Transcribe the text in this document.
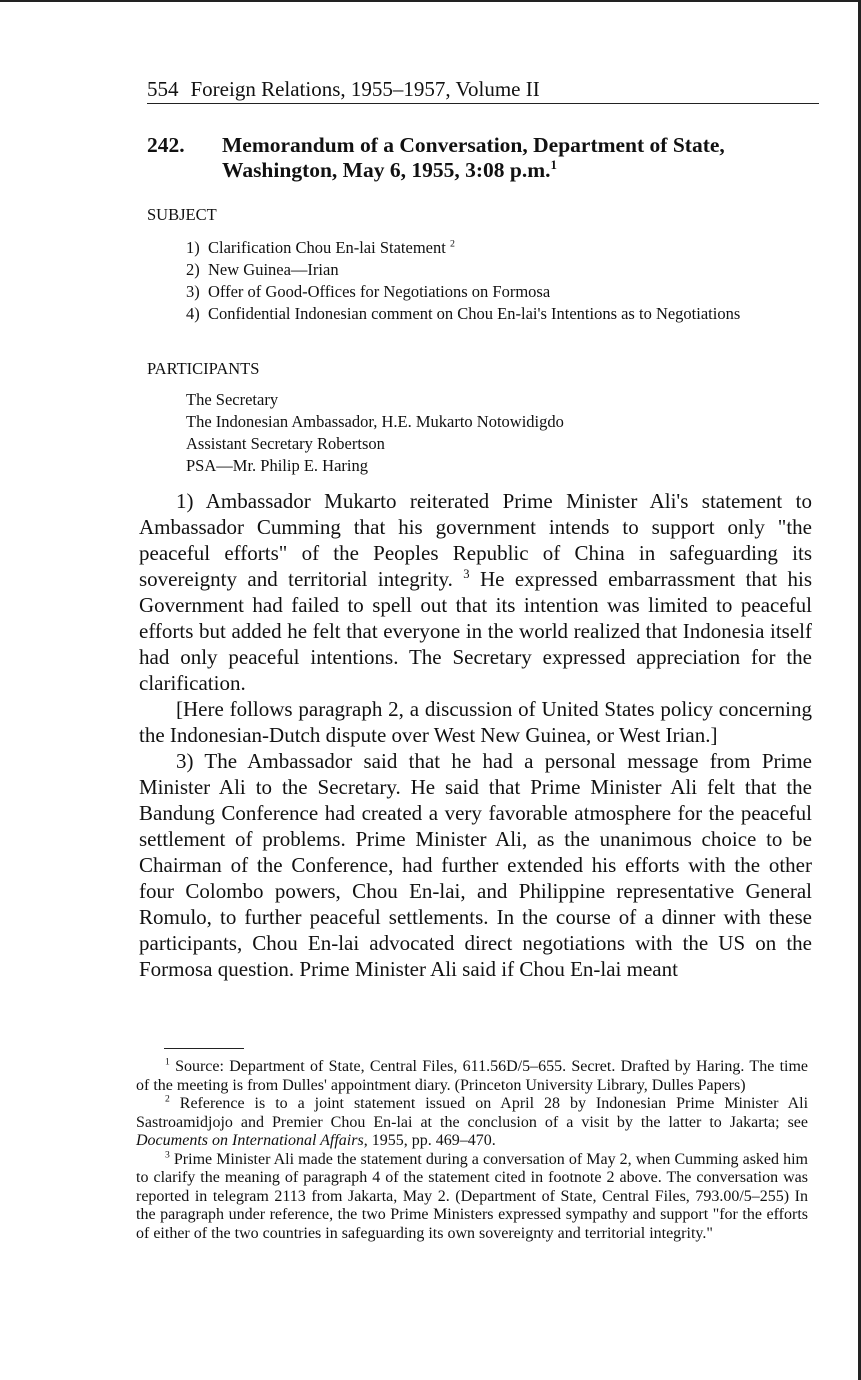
554 Foreign Relations, 1955–1957, Volume II
242. Memorandum of a Conversation, Department of State,
Washington, May 6, 1955, 3:08 p.m.$^1$
SUBJECT
1) Clarification Chou En-lai Statement $^2$
2) New Guinea—Irian
3) Offer of Good-Offices for Negotiations on Formosa
4) Confidential Indonesian comment on Chou En-lai's Intentions as to Negotiations
PARTICIPANTS
The Secretary
The Indonesian Ambassador, H.E. Mukarto Notowidigdo
Assistant Secretary Robertson
PSA—Mr. Philip E. Haring

1) Ambassador Mukarto reiterated Prime Minister Ali's statement to Ambassador Cumming that his government intends to support only "the peaceful efforts" of the Peoples Republic of China in safeguarding its sovereignty and territorial integrity. $^3$ He expressed embarrassment that his Government had failed to spell out that its intention was limited to peaceful efforts but added he felt that everyone in the world realized that Indonesia itself had only peaceful intentions. The Secretary expressed appreciation for the clarification.

[Here follows paragraph 2, a discussion of United States policy concerning the Indonesian-Dutch dispute over West New Guinea, or West Irian.]

3) The Ambassador said that he had a personal message from Prime Minister Ali to the Secretary. He said that Prime Minister Ali felt that the Bandung Conference had created a very favorable atmosphere for the peaceful settlement of problems. Prime Minister Ali, as the unanimous choice to be Chairman of the Conference, had further extended his efforts with the other four Colombo powers, Chou En-lai, and Philippine representative General Romulo, to further peaceful settlements. In the course of a dinner with these participants, Chou En-lai advocated direct negotiations with the US on the Formosa question. Prime Minister Ali said if Chou En-lai meant

$^1$ Source: Department of State, Central Files, 611.56D/5–655. Secret. Drafted by Haring. The time of the meeting is from Dulles' appointment diary. (Princeton University Library, Dulles Papers)

$^2$ Reference is to a joint statement issued on April 28 by Indonesian Prime Minister Ali Sastroamidjojo and Premier Chou En-lai at the conclusion of a visit by the latter to Jakarta; see Documents on International Affairs, 1955, pp. 469–470.

$^3$ Prime Minister Ali made the statement during a conversation of May 2, when Cumming asked him to clarify the meaning of paragraph 4 of the statement cited in footnote 2 above. The conversation was reported in telegram 2113 from Jakarta, May 2. (Department of State, Central Files, 793.00/5–255) In the paragraph under reference, the two Prime Ministers expressed sympathy and support "for the efforts of either of the two countries in safeguarding its own sovereignty and territorial integrity."
